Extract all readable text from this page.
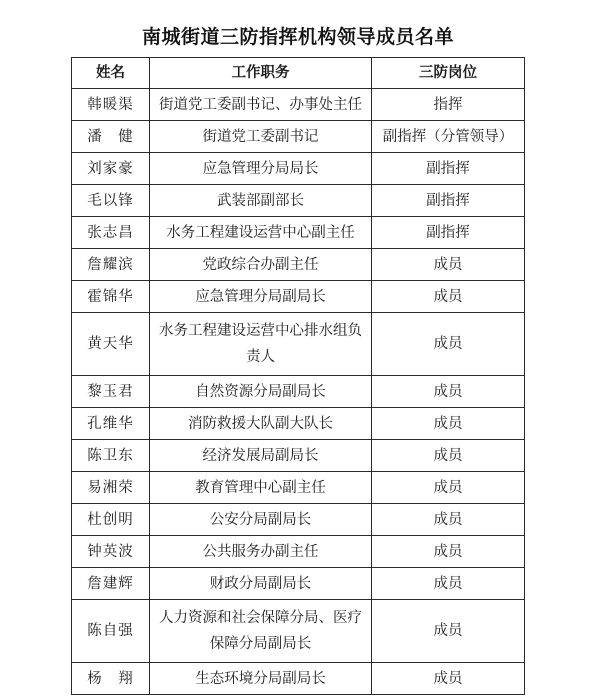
南城街道三防指挥机构领导成员名单
姓名	工作职务	三防岗位
韩暖渠	街道党工委副书记、办事处主任	指挥
潘　健	街道党工委副书记	副指挥（分管领导）
刘家豪	应急管理分局局长	副指挥
毛以锋	武装部副部长	副指挥
张志昌	水务工程建设运营中心副主任	副指挥
詹耀滨	党政综合办副主任	成员
霍锦华	应急管理分局副局长	成员
黄天华	水务工程建设运营中心排水组负责人	成员
黎玉君	自然资源分局副局长	成员
孔维华	消防救援大队副大队长	成员
陈卫东	经济发展局副局长	成员
易湘荣	教育管理中心副主任	成员
杜创明	公安分局副局长	成员
钟英波	公共服务办副主任	成员
詹建辉	财政分局副局长	成员
陈自强	人力资源和社会保障分局、医疗保障分局副局长	成员
杨　翔	生态环境分局副局长	成员
